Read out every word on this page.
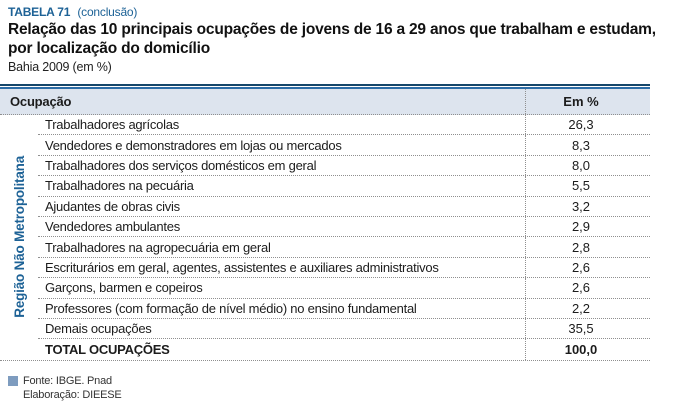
TABELA 71 (conclusão)
Relação das 10 principais ocupações de jovens de 16 a 29 anos que trabalham e estudam,
por localização do domicílio
Bahia 2009 (em %)
Ocupação	Em %
Região Não Metropolitana
Trabalhadores agrícolas	26,3
Vendedores e demonstradores em lojas ou mercados	8,3
Trabalhadores dos serviços domésticos em geral	8,0
Trabalhadores na pecuária	5,5
Ajudantes de obras civis	3,2
Vendedores ambulantes	2,9
Trabalhadores na agropecuária em geral	2,8
Escriturários em geral, agentes, assistentes e auxiliares administrativos	2,6
Garçons, barmen e copeiros	2,6
Professores (com formação de nível médio) no ensino fundamental	2,2
Demais ocupações	35,5
TOTAL OCUPAÇÕES	100,0
Fonte: IBGE. Pnad
Elaboração: DIEESE
